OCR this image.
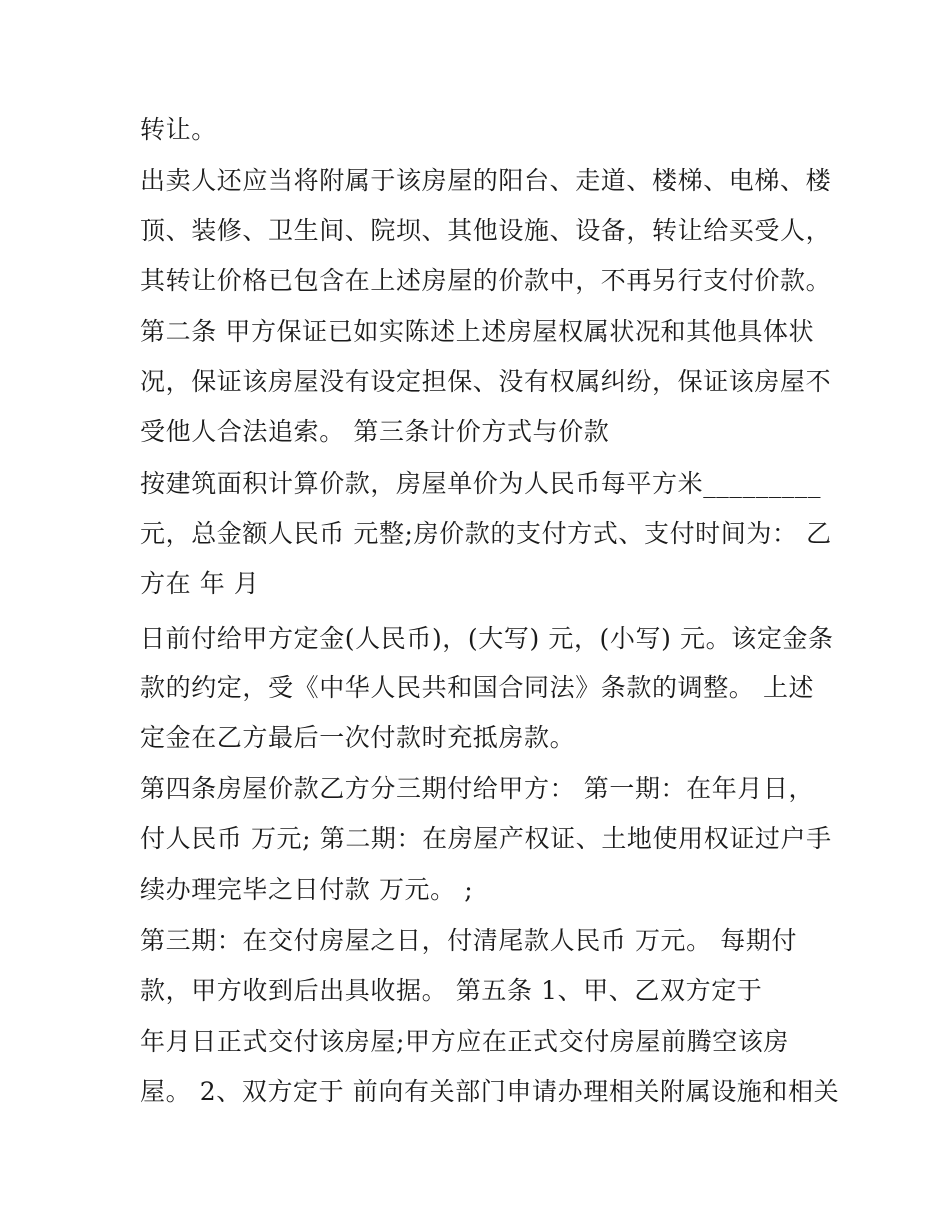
转让。

出卖人还应当将附属于该房屋的阳台、走道、楼梯、电梯、楼

顶、装修、卫生间、院坝、其他设施、设备，转让给买受人，

其转让价格已包含在上述房屋的价款中，不再另行支付价款。

第二条 甲方保证已如实陈述上述房屋权属状况和其他具体状

况，保证该房屋没有设定担保、没有权属纠纷，保证该房屋不

受他人合法追索。 第三条计价方式与价款

按建筑面积计算价款，房屋单价为人民币每平方米_________

元，总金额人民币 元整;房价款的支付方式、支付时间为： 乙

方在 年 月

日前付给甲方定金(人民币)，(大写) 元，(小写) 元。该定金条

款的约定，受《中华人民共和国合同法》条款的调整。 上述

定金在乙方最后一次付款时充抵房款。

第四条房屋价款乙方分三期付给甲方： 第一期：在年月日，

付人民币 万元; 第二期：在房屋产权证、土地使用权证过户手

续办理完毕之日付款 万元。 ;

第三期：在交付房屋之日，付清尾款人民币 万元。 每期付

款，甲方收到后出具收据。 第五条 1、甲、乙双方定于

年月日正式交付该房屋;甲方应在正式交付房屋前腾空该房

屋。 2、双方定于 前向有关部门申请办理相关附属设施和相关
